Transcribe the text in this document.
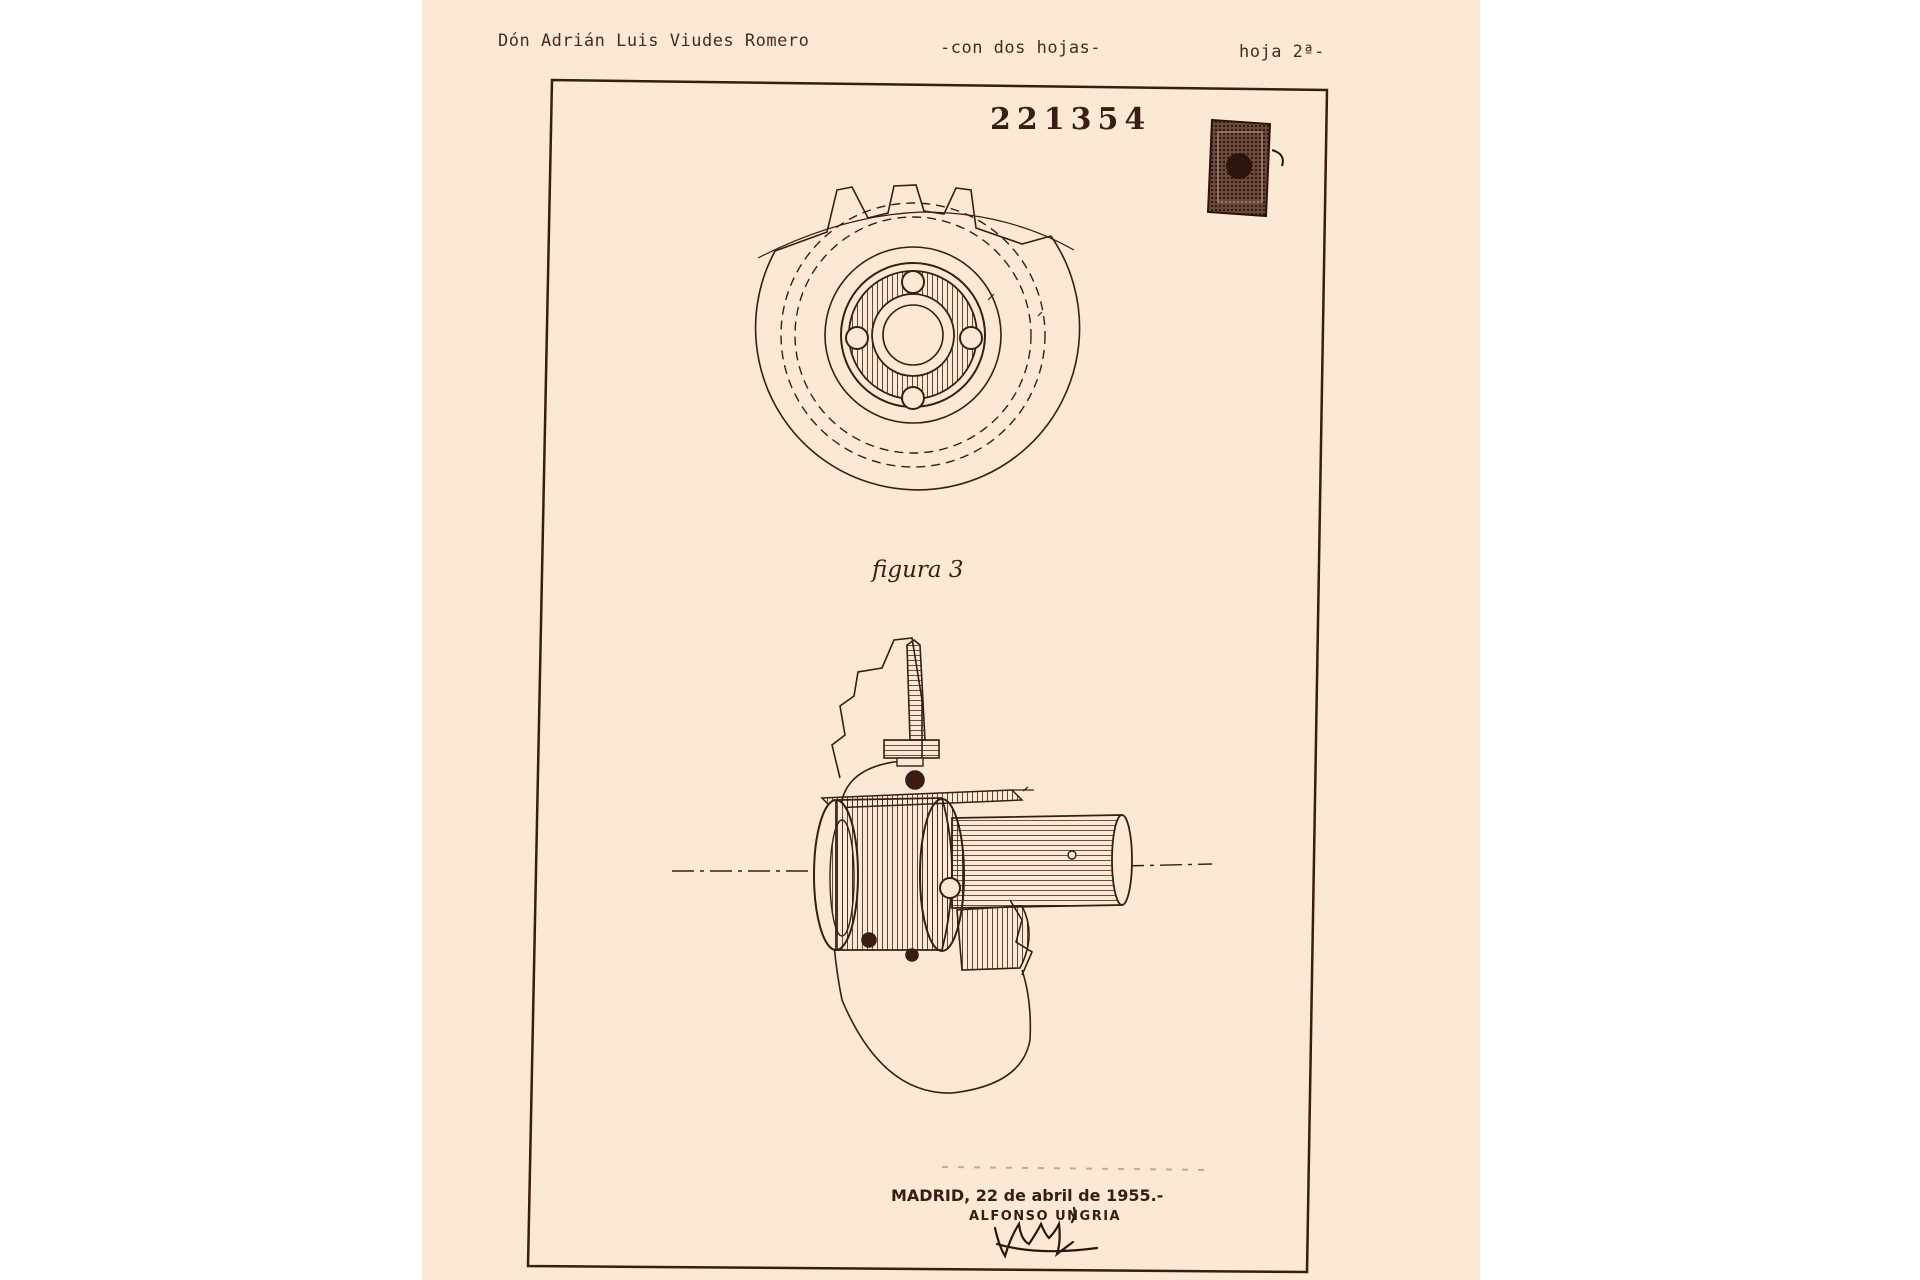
Dón Adrián Luis Viudes Romero	-con dos hojas-	hoja 2ª-
221354
figura 3
MADRID, 22 de abril de 1955.-
ALFONSO UNGRIA
